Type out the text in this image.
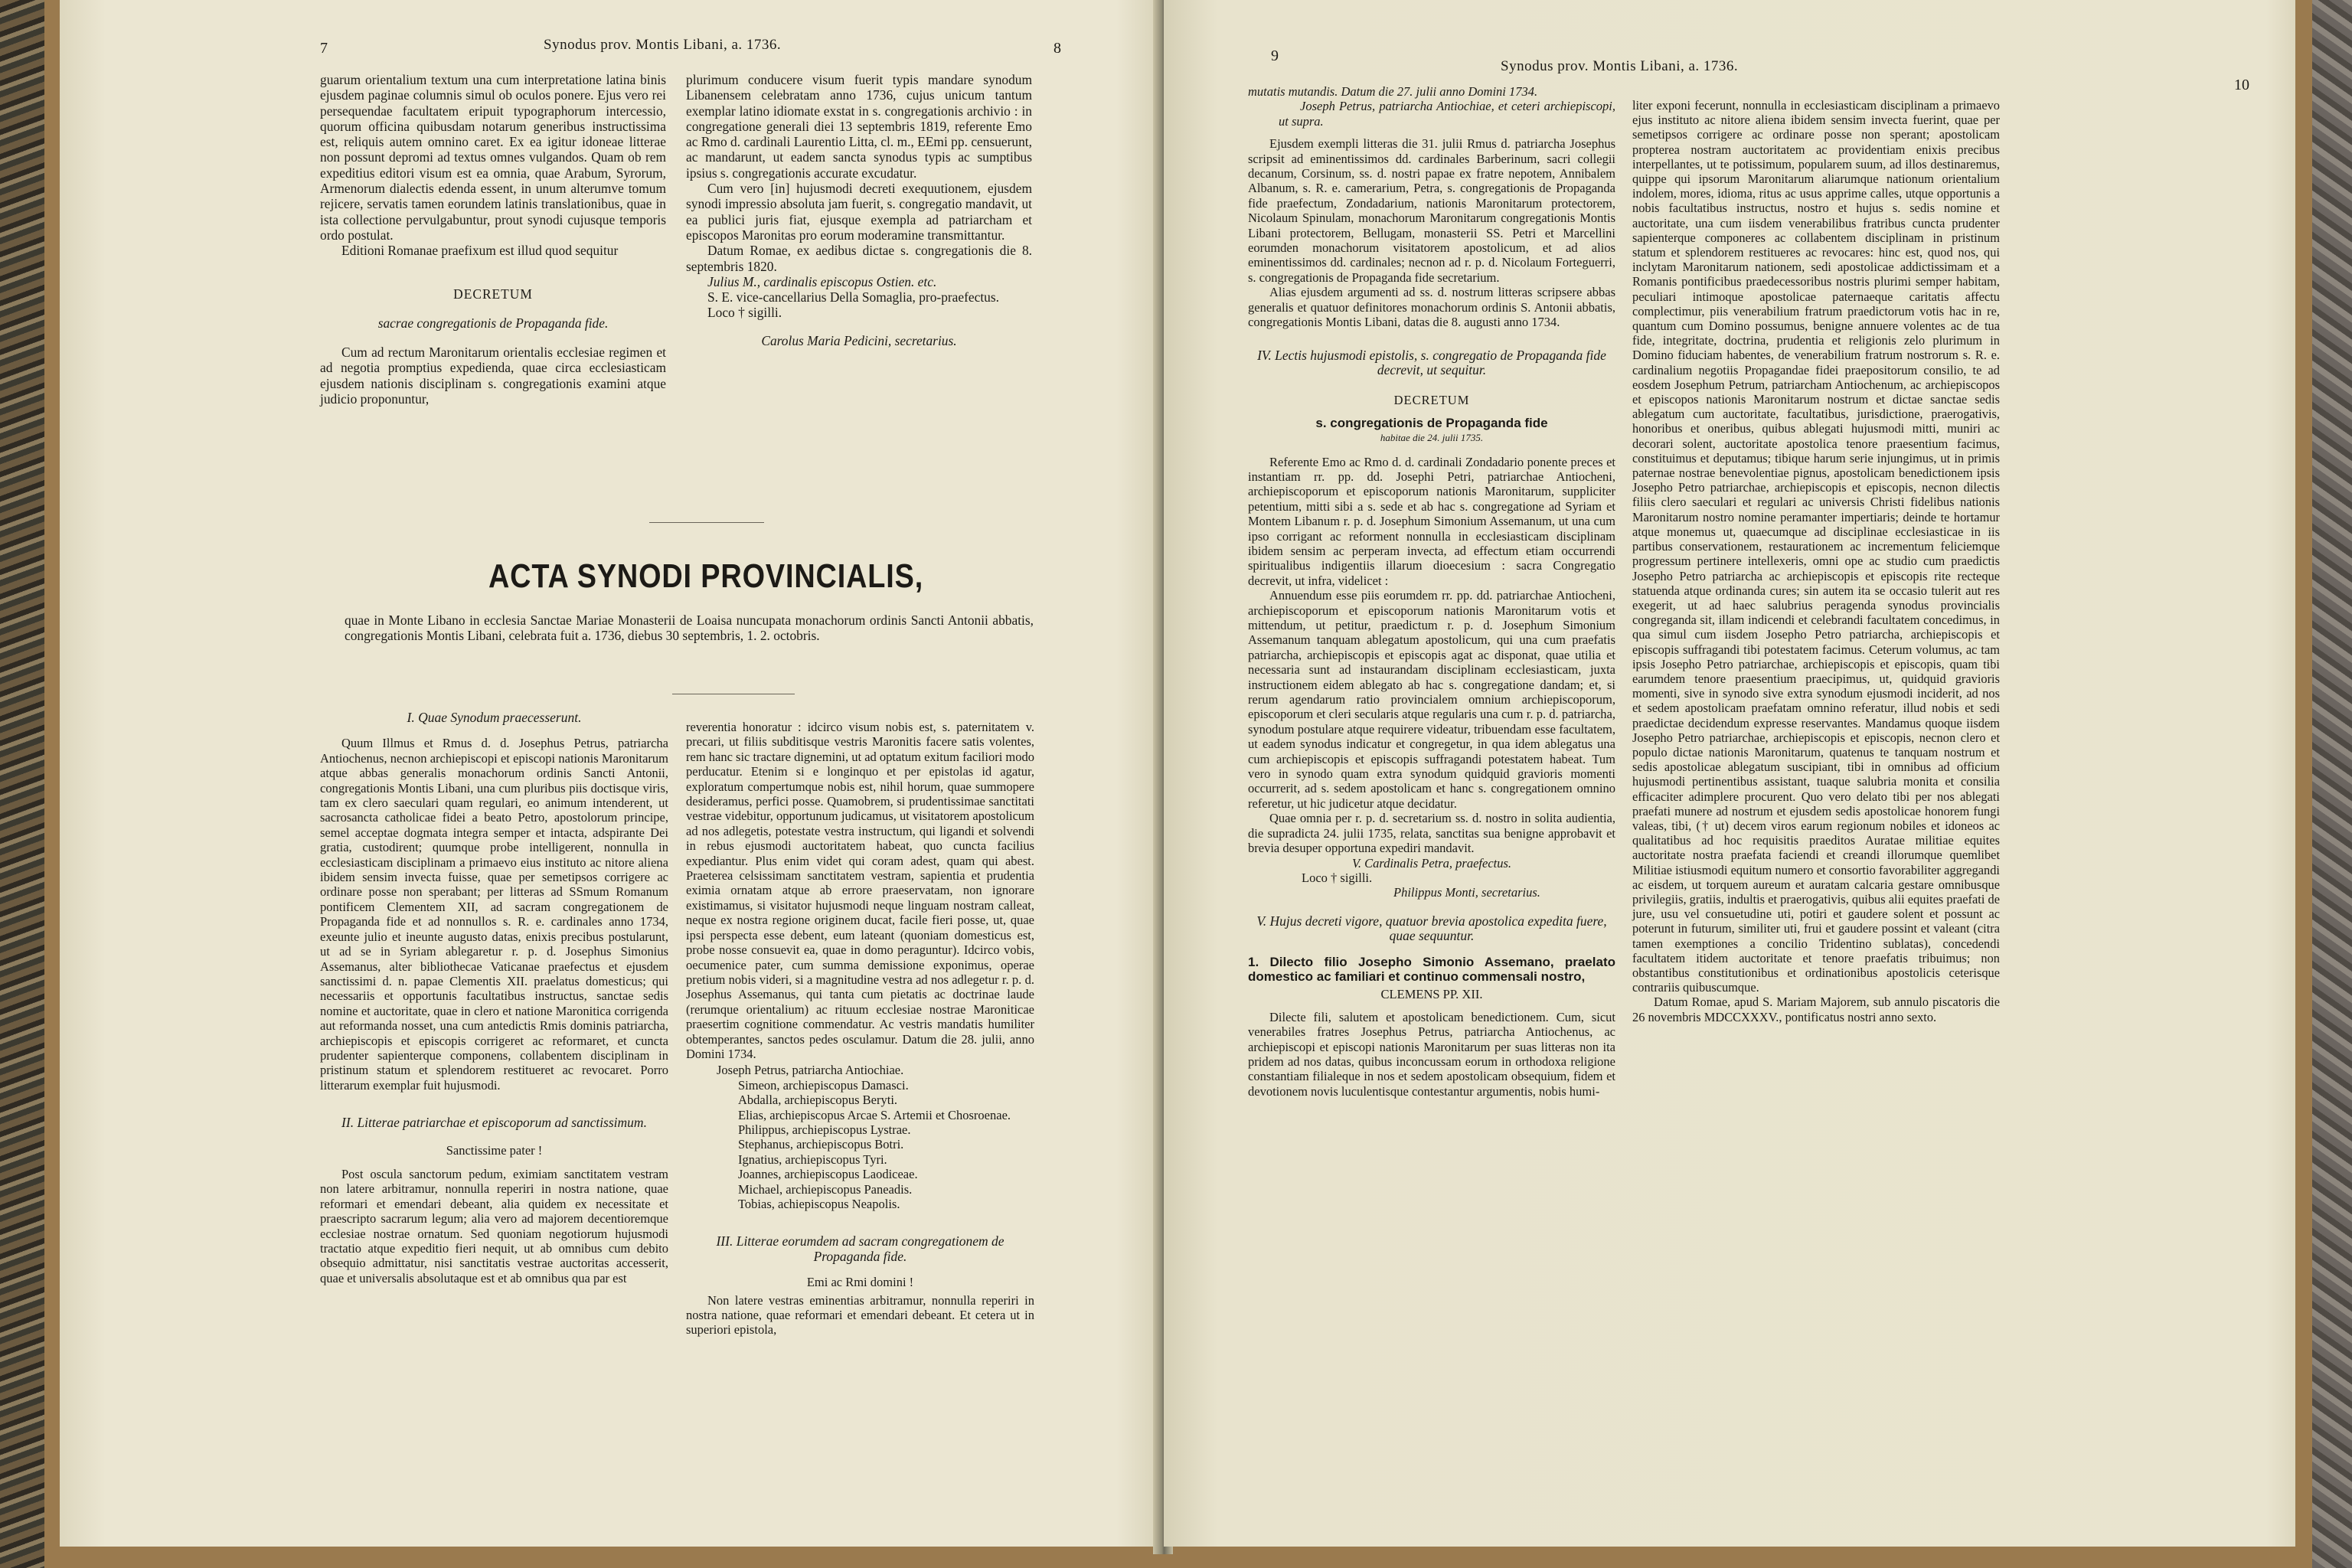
7	Synodus prov. Montis Libani, a. 1736.	8

guarum orientalium textum una cum interpretatione latina binis ejusdem paginae columnis simul ob oculos ponere. Ejus vero rei persequendae facultatem eripuit typographorum intercessio, quorum officina quibusdam notarum generibus instructissima est, reliquis autem omnino caret. Ex ea igitur idoneae litterae non possunt depromi ad textus omnes vulgandos. Quam ob rem expeditius editori visum est ea omnia, quae Arabum, Syrorum, Armenorum dialectis edenda essent, in unum alterumve tomum rejicere, servatis tamen eorundem latinis translationibus, quae in ista collectione pervulgabuntur, prout synodi cujusque temporis ordo postulat.

Editioni Romanae praefixum est illud quod sequitur

DECRETUM

sacrae congregationis de Propaganda fide.

Cum ad rectum Maronitarum orientalis ecclesiae regimen et ad negotia promptius expedienda, quae circa ecclesiasticam ejusdem nationis disciplinam s. congregationis examini atque judicio proponuntur,

plurimum conducere visum fuerit typis mandare synodum Libanensem celebratam anno 1736, cujus unicum tantum exemplar latino idiomate exstat in s. congregationis archivio : in congregatione generali diei 13 septembris 1819, referente Emo ac Rmo d. cardinali Laurentio Litta, cl. m., EEmi pp. censuerunt, ac mandarunt, ut eadem sancta synodus typis ac sumptibus ipsius s. congregationis accurate excudatur.

Cum vero [in] hujusmodi decreti exequutionem, ejusdem synodi impressio absoluta jam fuerit, s. congregatio mandavit, ut ea publici juris fiat, ejusque exempla ad patriarcham et episcopos Maronitas pro eorum moderamine transmittantur.

Datum Romae, ex aedibus dictae s. congregationis die 8. septembris 1820.

Julius M., cardinalis episcopus Ostien. etc.

S. E. vice-cancellarius Della Somaglia, pro-praefectus.

Loco † sigilli.

Carolus Maria Pedicini, secretarius.

ACTA SYNODI PROVINCIALIS,
quae in Monte Libano in ecclesia Sanctae Mariae Monasterii de Loaisa nuncupata monachorum ordinis Sancti Antonii abbatis, congregationis Montis Libani, celebrata fuit a. 1736, diebus 30 septembris, 1. 2. octobris.

I. Quae Synodum praecesserunt.

Quum Illmus et Rmus d. d. Josephus Petrus, patriarcha Antiochenus, necnon archiepiscopi et episcopi nationis Maronitarum atque abbas generalis monachorum ordinis Sancti Antonii, congregationis Montis Libani, una cum pluribus piis doctisque viris, tam ex clero saeculari quam regulari, eo animum intenderent, ut sacrosancta catholicae fidei a beato Petro, apostolorum principe, semel acceptae dogmata integra semper et intacta, adspirante Dei gratia, custodirent; quumque probe intelligerent, nonnulla in ecclesiasticam disciplinam a primaevo eius instituto ac nitore aliena ibidem sensim invecta fuisse, quae per semetipsos corrigere ac ordinare posse non sperabant; per litteras ad SSmum Romanum pontificem Clementem XII, ad sacram congregationem de Propaganda fide et ad nonnullos s. R. e. cardinales anno 1734, exeunte julio et ineunte augusto datas, enixis precibus postularunt, ut ad se in Syriam ablegaretur r. p. d. Josephus Simonius Assemanus, alter bibliothecae Vaticanae praefectus et ejusdem sanctissimi d. n. papae Clementis XII. praelatus domesticus; qui necessariis et opportunis facultatibus instructus, sanctae sedis nomine et auctoritate, quae in clero et natione Maronitica corrigenda aut reformanda nosset, una cum antedictis Rmis dominis patriarcha, archiepiscopis et episcopis corrigeret ac reformaret, et cuncta prudenter sapienterque componens, collabentem disciplinam in pristinum statum et splendorem restitueret ac revocaret. Porro litterarum exemplar fuit hujusmodi.

II. Litterae patriarchae et episcoporum ad sanctissimum.

Sanctissime pater !

Post oscula sanctorum pedum, eximiam sanctitatem vestram non latere arbitramur, nonnulla reperiri in nostra natione, quae reformari et emendari debeant, alia quidem ex necessitate et praescripto sacrarum legum; alia vero ad majorem decentioremque ecclesiae nostrae ornatum. Sed quoniam negotiorum hujusmodi tractatio atque expeditio fieri nequit, ut ab omnibus cum debito obsequio admittatur, nisi sanctitatis vestrae auctoritas accesserit, quae et universalis absolutaque est et ab omnibus qua par est

reverentia honoratur : idcirco visum nobis est, s. paternitatem v. precari, ut filiis subditisque vestris Maronitis facere satis volentes, rem hanc sic tractare dignemini, ut ad optatum exitum faciliori modo perducatur. Etenim si e longinquo et per epistolas id agatur, exploratum compertumque nobis est, nihil horum, quae summopere desideramus, perfici posse. Quamobrem, si prudentissimae sanctitati vestrae videbitur, opportunum judicamus, ut visitatorem apostolicum ad nos adlegetis, potestate vestra instructum, qui ligandi et solvendi in rebus ejusmodi auctoritatem habeat, quo cuncta facilius expediantur. Plus enim videt qui coram adest, quam qui abest. Praeterea celsissimam sanctitatem vestram, sapientia et prudentia eximia ornatam atque ab errore praeservatam, non ignorare existimamus, si visitator hujusmodi neque linguam nostram calleat, neque ex nostra regione originem ducat, facile fieri posse, ut, quae ipsi perspecta esse debent, eum lateant (quoniam domesticus est, probe nosse consuevit ea, quae in domo peraguntur). Idcirco vobis, oecumenice pater, cum summa demissione exponimus, operae pretium nobis videri, si a magnitudine vestra ad nos adlegetur r. p. d. Josephus Assemanus, qui tanta cum pietatis ac doctrinae laude (rerumque orientalium) ac rituum ecclesiae nostrae Maroniticae praesertim cognitione commendatur. Ac vestris mandatis humiliter obtemperantes, sanctos pedes osculamur. Datum die 28. julii, anno Domini 1734.

Joseph Petrus, patriarcha Antiochiae.

Simeon, archiepiscopus Damasci.

Abdalla, archiepiscopus Beryti.

Elias, archiepiscopus Arcae S. Artemii et Chosroenae.

Philippus, archiepiscopus Lystrae.

Stephanus, archiepiscopus Botri.

Ignatius, archiepiscopus Tyri.

Joannes, archiepiscopus Laodiceae.

Michael, archiepiscopus Paneadis.

Tobias, achiepiscopus Neapolis.

III. Litterae eorumdem ad sacram congregationem de Propaganda fide.

Emi ac Rmi domini !

Non latere vestras eminentias arbitramur, nonnulla reperiri in nostra natione, quae reformari et emendari debeant. Et cetera ut in superiori epistola,

9
Synodus prov. Montis Libani, a. 1736.
10

mutatis mutandis. Datum die 27. julii anno Domini 1734.

Joseph Petrus, patriarcha Antiochiae, et ceteri archiepiscopi, ut supra.

Ejusdem exempli litteras die 31. julii Rmus d. patriarcha Josephus scripsit ad eminentissimos dd. cardinales Barberinum, sacri collegii decanum, Corsinum, ss. d. nostri papae ex fratre nepotem, Annibalem Albanum, s. R. e. camerarium, Petra, s. congregationis de Propaganda fide praefectum, Zondadarium, nationis Maronitarum protectorem, Nicolaum Spinulam, monachorum Maronitarum congregationis Montis Libani protectorem, Bellugam, monasterii SS. Petri et Marcellini eorumden monachorum visitatorem apostolicum, et ad alios eminentissimos dd. cardinales; necnon ad r. p. d. Nicolaum Forteguerri, s. congregationis de Propaganda fide secretarium.

Alias ejusdem argumenti ad ss. d. nostrum litteras scripsere abbas generalis et quatuor definitores monachorum ordinis S. Antonii abbatis, congregationis Montis Libani, datas die 8. augusti anno 1734.

IV. Lectis hujusmodi epistolis, s. congregatio de Propaganda fide decrevit, ut sequitur.

DECRETUM

s. congregationis de Propaganda fide

habitae die 24. julii 1735.

Referente Emo ac Rmo d. d. cardinali Zondadario ponente preces et instantiam rr. pp. dd. Josephi Petri, patriarchae Antiocheni, archiepiscoporum et episcoporum nationis Maronitarum, suppliciter petentium, mitti sibi a s. sede et ab hac s. congregatione ad Syriam et Montem Libanum r. p. d. Josephum Simonium Assemanum, ut una cum ipso corrigant ac reforment nonnulla in ecclesiasticam disciplinam ibidem sensim ac perperam invecta, ad effectum etiam occurrendi spiritualibus indigentiis illarum dioecesium : sacra Congregatio decrevit, ut infra, videlicet :

Annuendum esse piis eorumdem rr. pp. dd. patriarchae Antiocheni, archiepiscoporum et episcoporum nationis Maronitarum votis et mittendum, ut petitur, praedictum r. p. d. Josephum Simonium Assemanum tanquam ablegatum apostolicum, qui una cum praefatis patriarcha, archiepiscopis et episcopis agat ac disponat, quae utilia et necessaria sunt ad instaurandam disciplinam ecclesiasticam, juxta instructionem eidem ablegato ab hac s. congregatione dandam; et, si rerum agendarum ratio provincialem omnium archiepiscoporum, episcoporum et cleri secularis atque regularis una cum r. p. d. patriarcha, synodum postulare atque requirere videatur, tribuendam esse facultatem, ut eadem synodus indicatur et congregetur, in qua idem ablegatus una cum archiepiscopis et episcopis suffragandi potestatem habeat. Tum vero in synodo quam extra synodum quidquid gravioris momenti occurrerit, ad s. sedem apostolicam et hanc s. congregationem omnino referetur, ut hic judicetur atque decidatur.

Quae omnia per r. p. d. secretarium ss. d. nostro in solita audientia, die supradicta 24. julii 1735, relata, sanctitas sua benigne approbavit et brevia desuper opportuna expediri mandavit.

V. Cardinalis Petra, praefectus.

Loco † sigilli.

Philippus Monti, secretarius.

V. Hujus decreti vigore, quatuor brevia apostolica expedita fuere, quae sequuntur.

1. Dilecto filio Josepho Simonio Assemano, praelato domestico ac familiari et continuo commensali nostro,

CLEMENS PP. XII.

Dilecte fili, salutem et apostolicam benedictionem. Cum, sicut venerabiles fratres Josephus Petrus, patriarcha Antiochenus, ac archiepiscopi et episcopi nationis Maronitarum per suas litteras non ita pridem ad nos datas, quibus inconcussam eorum in orthodoxa religione constantiam filialeque in nos et sedem apostolicam obsequium, fidem et devotionem novis luculentisque contestantur argumentis, nobis humi-

liter exponi fecerunt, nonnulla in ecclesiasticam disciplinam a primaevo ejus instituto ac nitore aliena ibidem sensim invecta fuerint, quae per semetipsos corrigere ac ordinare posse non sperant; apostolicam propterea nostram auctoritatem ac providentiam enixis precibus interpellantes, ut te potissimum, popularem suum, ad illos destinaremus, quippe qui ipsorum Maronitarum aliarumque nationum orientalium indolem, mores, idioma, ritus ac usus apprime calles, utque opportunis a nobis facultatibus instructus, nostro et hujus s. sedis nomine et auctoritate, una cum iisdem venerabilibus fratribus cuncta prudenter sapienterque componeres ac collabentem disciplinam in pristinum statum et splendorem restitueres ac revocares: hinc est, quod nos, qui inclytam Maronitarum nationem, sedi apostolicae addictissimam et a Romanis pontificibus praedecessoribus nostris plurimi semper habitam, peculiari intimoque apostolicae paternaeque caritatis affectu complectimur, piis venerabilium fratrum praedictorum votis hac in re, quantum cum Domino possumus, benigne annuere volentes ac de tua fide, integritate, doctrina, prudentia et religionis zelo plurimum in Domino fiduciam habentes, de venerabilium fratrum nostrorum s. R. e. cardinalium negotiis Propagandae fidei praepositorum consilio, te ad eosdem Josephum Petrum, patriarcham Antiochenum, ac archiepiscopos et episcopos nationis Maronitarum nostrum et dictae sanctae sedis ablegatum cum auctoritate, facultatibus, jurisdictione, praerogativis, honoribus et oneribus, quibus ablegati hujusmodi mitti, muniri ac decorari solent, auctoritate apostolica tenore praesentium facimus, constituimus et deputamus; tibique harum serie injungimus, ut in primis paternae nostrae benevolentiae pignus, apostolicam benedictionem ipsis Josepho Petro patriarchae, archiepiscopis et episcopis, necnon dilectis filiis clero saeculari et regulari ac universis Christi fidelibus nationis Maronitarum nostro nomine peramanter impertiaris; deinde te hortamur atque monemus ut, quaecumque ad disciplinae ecclesiasticae in iis partibus conservationem, restaurationem ac incrementum feliciemque progressum pertinere intellexeris, omni ope ac studio cum praedictis Josepho Petro patriarcha ac archiepiscopis et episcopis rite recteque statuenda atque ordinanda cures; sin autem ita se occasio tulerit aut res exegerit, ut ad haec salubrius peragenda synodus provincialis congreganda sit, illam indicendi et celebrandi facultatem concedimus, in qua simul cum iisdem Josepho Petro patriarcha, archiepiscopis et episcopis suffragandi tibi potestatem facimus. Ceterum volumus, ac tam ipsis Josepho Petro patriarchae, archiepiscopis et episcopis, quam tibi earumdem tenore praesentium praecipimus, ut, quidquid gravioris momenti, sive in synodo sive extra synodum ejusmodi inciderit, ad nos et sedem apostolicam praefatam omnino referatur, illud nobis et sedi praedictae decidendum expresse reservantes. Mandamus quoque iisdem Josepho Petro patriarchae, archiepiscopis et episcopis, necnon clero et populo dictae nationis Maronitarum, quatenus te tanquam nostrum et sedis apostolicae ablegatum suscipiant, tibi in omnibus ad officium hujusmodi pertinentibus assistant, tuaque salubria monita et consilia efficaciter adimplere procurent. Quo vero delato tibi per nos ablegati praefati munere ad nostrum et ejusdem sedis apostolicae honorem fungi valeas, tibi, († ut) decem viros earum regionum nobiles et idoneos ac qualitatibus ad hoc requisitis praeditos Auratae militiae equites auctoritate nostra praefata faciendi et creandi illorumque quemlibet Militiae istiusmodi equitum numero et consortio favorabiliter aggregandi ac eisdem, ut torquem aureum et auratam calcaria gestare omnibusque privilegiis, gratiis, indultis et praerogativis, quibus alii equites praefati de jure, usu vel consuetudine uti, potiri et gaudere solent et possunt ac poterunt in futurum, similiter uti, frui et gaudere possint et valeant (citra tamen exemptiones a concilio Tridentino sublatas), concedendi facultatem itidem auctoritate et tenore praefatis tribuimus; non obstantibus constitutionibus et ordinationibus apostolicis ceterisque contrariis quibuscumque.

Datum Romae, apud S. Mariam Majorem, sub annulo piscatoris die 26 novembris MDCCXXXV., pontificatus nostri anno sexto.
